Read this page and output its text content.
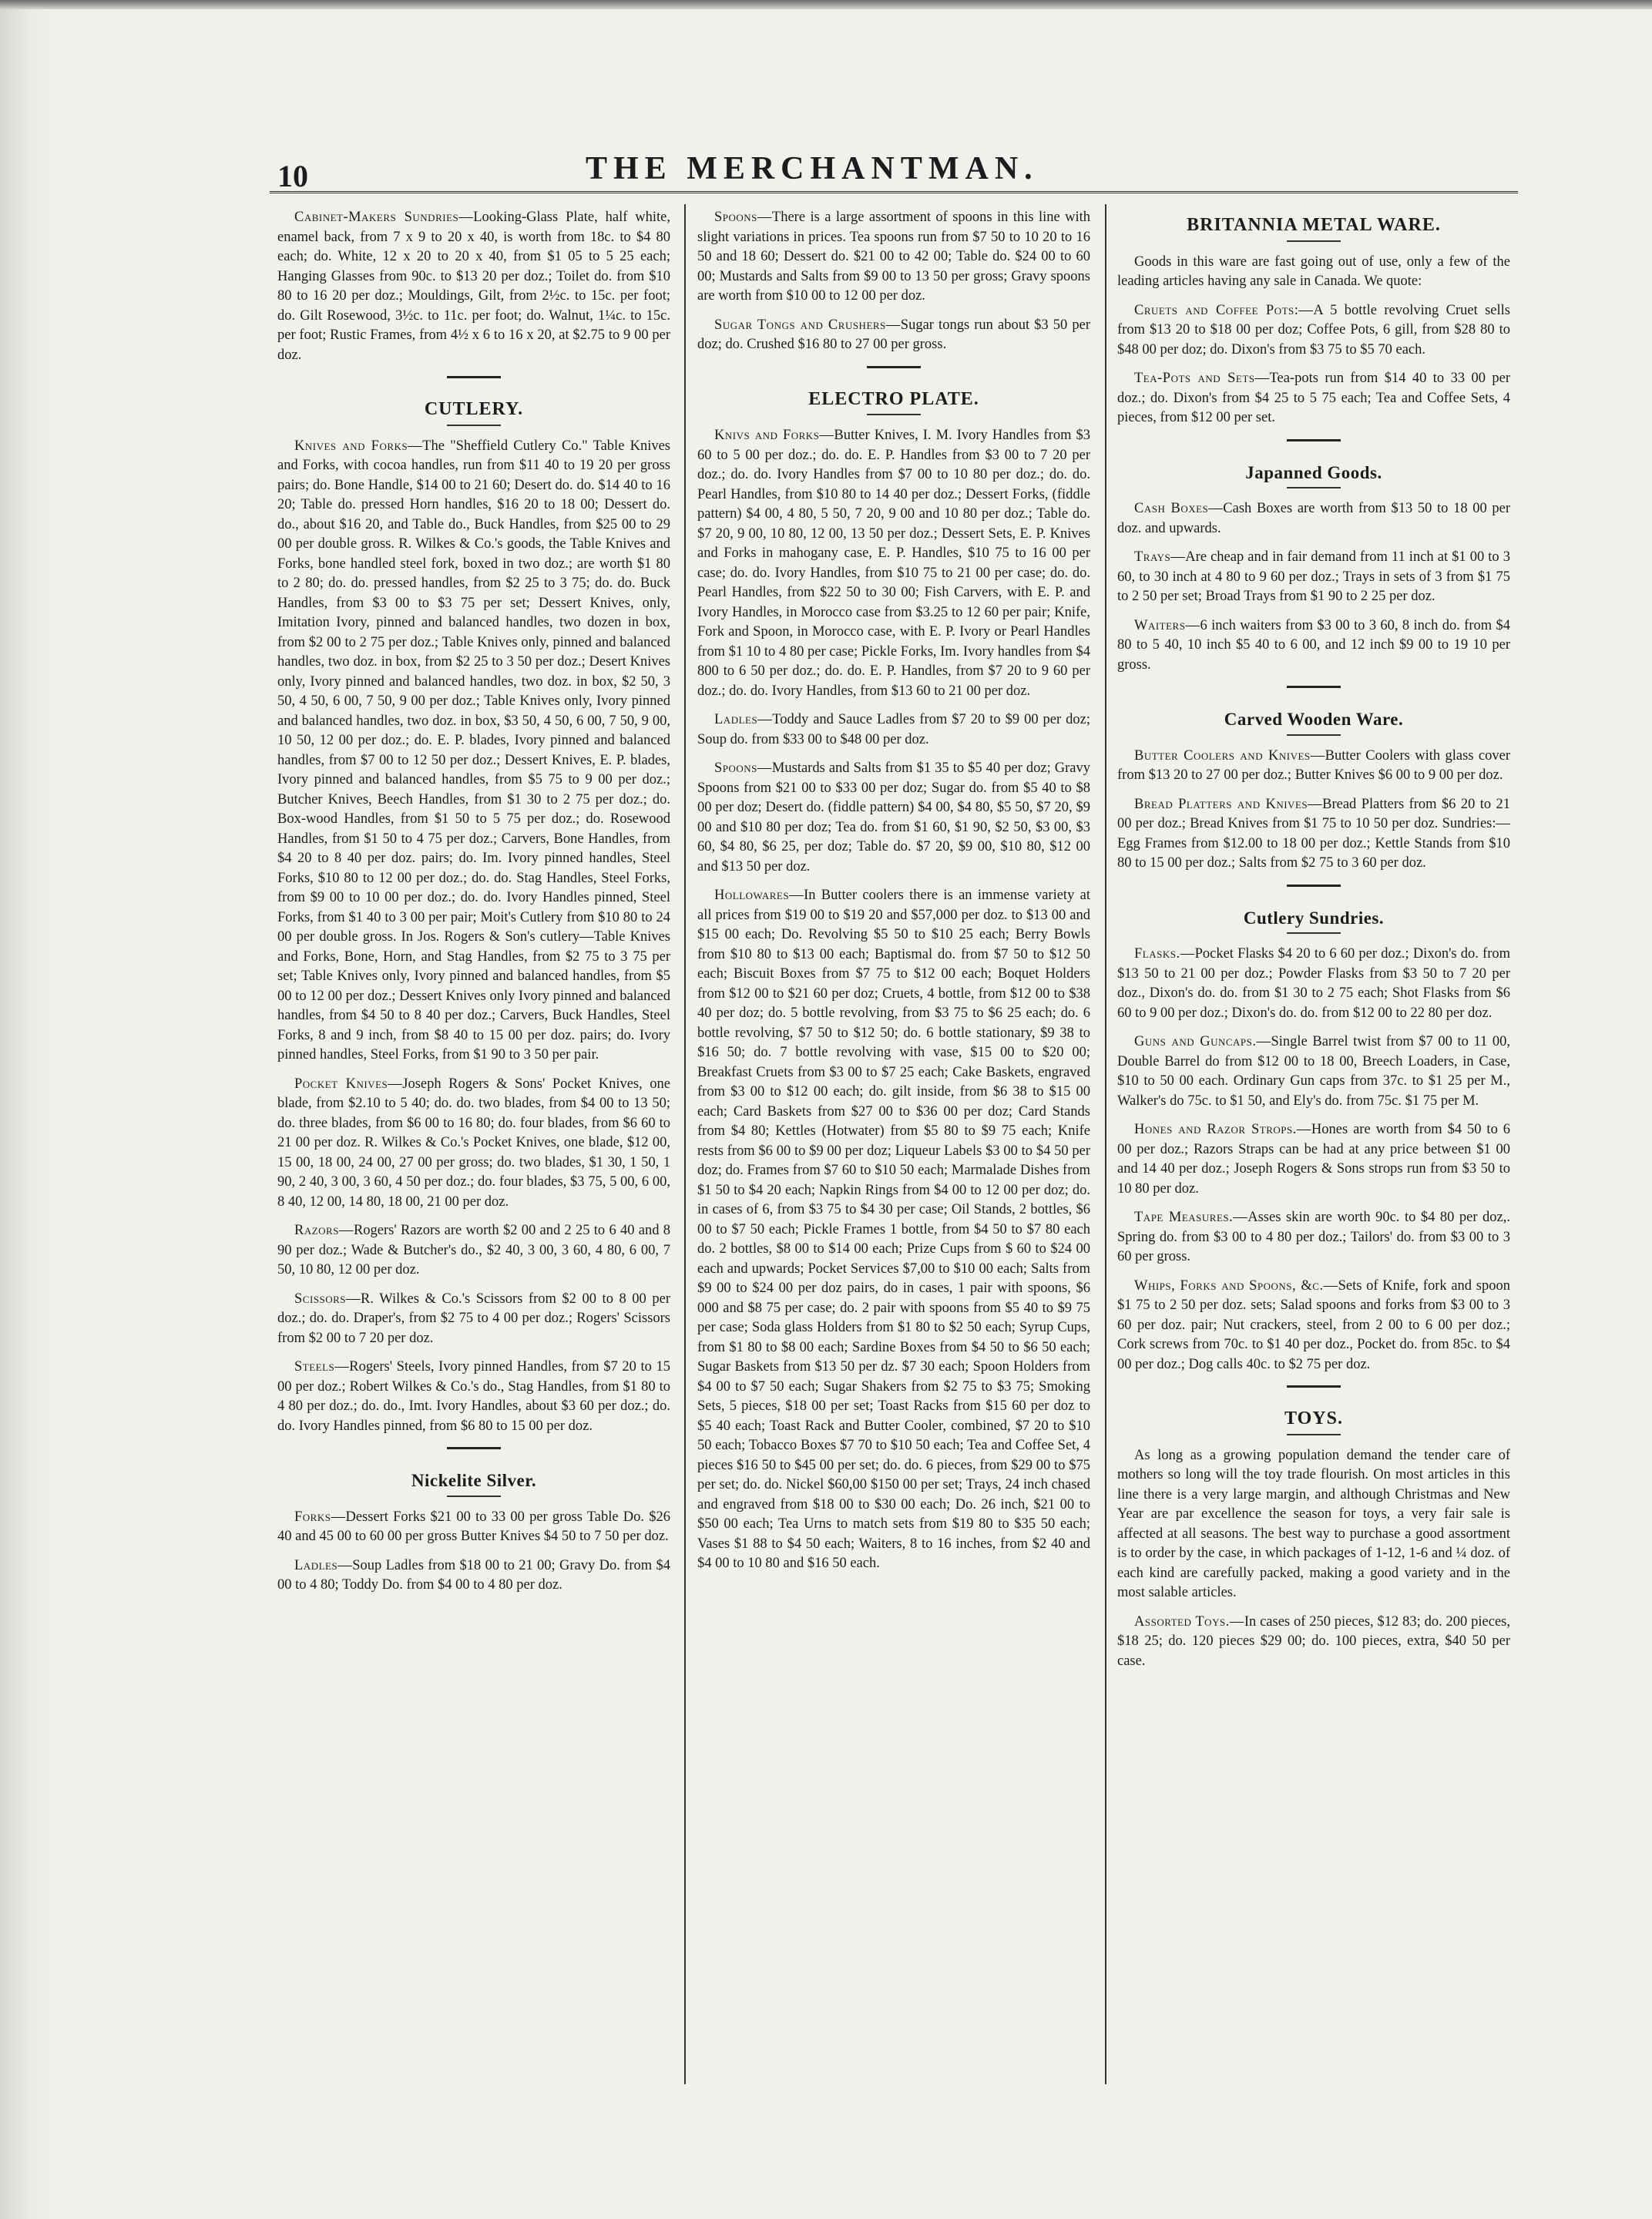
10	THE MERCHANTMAN.

Cabinet-Makers Sundries—Looking-Glass Plate, half white, enamel back, from 7 x 9 to 20 x 40, is worth from 18c. to $4 80 each; do. White, 12 x 20 to 20 x 40, from $1 05 to 5 25 each; Hanging Glasses from 90c. to $13 20 per doz.; Toilet do. from $10 80 to 16 20 per doz.; Mouldings, Gilt, from 2½c. to 15c. per foot; do. Gilt Rosewood, 3½c. to 11c. per foot; do. Walnut, 1¼c. to 15c. per foot; Rustic Frames, from 4½ x 6 to 16 x 20, at $2.75 to 9 00 per doz.

CUTLERY.

Knives and Forks—The "Sheffield Cutlery Co." Table Knives and Forks, with cocoa handles, run from $11 40 to 19 20 per gross pairs; do. Bone Handle, $14 00 to 21 60; Desert do. do. $14 40 to 16 20; Table do. pressed Horn handles, $16 20 to 18 00; Dessert do. do., about $16 20, and Table do., Buck Handles, from $25 00 to 29 00 per double gross. R. Wilkes & Co.'s goods, the Table Knives and Forks, bone handled steel fork, boxed in two doz.; are worth $1 80 to 2 80; do. do. pressed handles, from $2 25 to 3 75; do. do. Buck Handles, from $3 00 to $3 75 per set; Dessert Knives, only, Imitation Ivory, pinned and balanced handles, two dozen in box, from $2 00 to 2 75 per doz.; Table Knives only, pinned and balanced handles, two doz. in box, from $2 25 to 3 50 per doz.; Desert Knives only, Ivory pinned and balanced handles, two doz. in box, $2 50, 3 50, 4 50, 6 00, 7 50, 9 00 per doz.; Table Knives only, Ivory pinned and balanced handles, two doz. in box, $3 50, 4 50, 6 00, 7 50, 9 00, 10 50, 12 00 per doz.; do. E. P. blades, Ivory pinned and balanced handles, from $7 00 to 12 50 per doz.; Dessert Knives, E. P. blades, Ivory pinned and balanced handles, from $5 75 to 9 00 per doz.; Butcher Knives, Beech Handles, from $1 30 to 2 75 per doz.; do. Box-wood Handles, from $1 50 to 5 75 per doz.; do. Rosewood Handles, from $1 50 to 4 75 per doz.; Carvers, Bone Handles, from $4 20 to 8 40 per doz. pairs; do. Im. Ivory pinned handles, Steel Forks, $10 80 to 12 00 per doz.; do. do. Stag Handles, Steel Forks, from $9 00 to 10 00 per doz.; do. do. Ivory Handles pinned, Steel Forks, from $1 40 to 3 00 per pair; Moit's Cutlery from $10 80 to 24 00 per double gross. In Jos. Rogers & Son's cutlery—Table Knives and Forks, Bone, Horn, and Stag Handles, from $2 75 to 3 75 per set; Table Knives only, Ivory pinned and balanced handles, from $5 00 to 12 00 per doz.; Dessert Knives only Ivory pinned and balanced handles, from $4 50 to 8 40 per doz.; Carvers, Buck Handles, Steel Forks, 8 and 9 inch, from $8 40 to 15 00 per doz. pairs; do. Ivory pinned handles, Steel Forks, from $1 90 to 3 50 per pair.

Pocket Knives—Joseph Rogers & Sons' Pocket Knives, one blade, from $2.10 to 5 40; do. do. two blades, from $4 00 to 13 50; do. three blades, from $6 00 to 16 80; do. four blades, from $6 60 to 21 00 per doz. R. Wilkes & Co.'s Pocket Knives, one blade, $12 00, 15 00, 18 00, 24 00, 27 00 per gross; do. two blades, $1 30, 1 50, 1 90, 2 40, 3 00, 3 60, 4 50 per doz.; do. four blades, $3 75, 5 00, 6 00, 8 40, 12 00, 14 80, 18 00, 21 00 per doz.

Razors—Rogers' Razors are worth $2 00 and 2 25 to 6 40 and 8 90 per doz.; Wade & Butcher's do., $2 40, 3 00, 3 60, 4 80, 6 00, 7 50, 10 80, 12 00 per doz.

Scissors—R. Wilkes & Co.'s Scissors from $2 00 to 8 00 per doz.; do. do. Draper's, from $2 75 to 4 00 per doz.; Rogers' Scissors from $2 00 to 7 20 per doz.

Steels—Rogers' Steels, Ivory pinned Handles, from $7 20 to 15 00 per doz.; Robert Wilkes & Co.'s do., Stag Handles, from $1 80 to 4 80 per doz.; do. do., Imt. Ivory Handles, about $3 60 per doz.; do. do. Ivory Handles pinned, from $6 80 to 15 00 per doz.

Nickelite Silver.

Forks—Dessert Forks $21 00 to 33 00 per gross Table Do. $26 40 and 45 00 to 60 00 per gross Butter Knives $4 50 to 7 50 per doz.

Ladles—Soup Ladles from $18 00 to 21 00; Gravy Do. from $4 00 to 4 80; Toddy Do. from $4 00 to 4 80 per doz.

Spoons—There is a large assortment of spoons in this line with slight variations in prices. Tea spoons run from $7 50 to 10 20 to 16 50 and 18 60; Dessert do. $21 00 to 42 00; Table do. $24 00 to 60 00; Mustards and Salts from $9 00 to 13 50 per gross; Gravy spoons are worth from $10 00 to 12 00 per doz.

Sugar Tongs and Crushers—Sugar tongs run about $3 50 per doz; do. Crushed $16 80 to 27 00 per gross.

ELECTRO PLATE.

Knivs and Forks—Butter Knives, I. M. Ivory Handles from $3 60 to 5 00 per doz.; do. do. E. P. Handles from $3 00 to 7 20 per doz.; do. do. Ivory Handles from $7 00 to 10 80 per doz.; do. do. Pearl Handles, from $10 80 to 14 40 per doz.; Dessert Forks, (fiddle pattern) $4 00, 4 80, 5 50, 7 20, 9 00 and 10 80 per doz.; Table do. $7 20, 9 00, 10 80, 12 00, 13 50 per doz.; Dessert Sets, E. P. Knives and Forks in mahogany case, E. P. Handles, $10 75 to 16 00 per case; do. do. Ivory Handles, from $10 75 to 21 00 per case; do. do. Pearl Handles, from $22 50 to 30 00; Fish Carvers, with E. P. and Ivory Handles, in Morocco case from $3.25 to 12 60 per pair; Knife, Fork and Spoon, in Morocco case, with E. P. Ivory or Pearl Handles from $1 10 to 4 80 per case; Pickle Forks, Im. Ivory handles from $4 800 to 6 50 per doz.; do. do. E. P. Handles, from $7 20 to 9 60 per doz.; do. do. Ivory Handles, from $13 60 to 21 00 per doz.

Ladles—Toddy and Sauce Ladles from $7 20 to $9 00 per doz; Soup do. from $33 00 to $48 00 per doz.

Spoons—Mustards and Salts from $1 35 to $5 40 per doz; Gravy Spoons from $21 00 to $33 00 per doz; Sugar do. from $5 40 to $8 00 per doz; Desert do. (fiddle pattern) $4 00, $4 80, $5 50, $7 20, $9 00 and $10 80 per doz; Tea do. from $1 60, $1 90, $2 50, $3 00, $3 60, $4 80, $6 25, per doz; Table do. $7 20, $9 00, $10 80, $12 00 and $13 50 per doz.

Hollowares—In Butter coolers there is an immense variety at all prices from $19 00 to $19 20 and $57,000 per doz. to $13 00 and $15 00 each; Do. Revolving $5 50 to $10 25 each; Berry Bowls from $10 80 to $13 00 each; Baptismal do. from $7 50 to $12 50 each; Biscuit Boxes from $7 75 to $12 00 each; Boquet Holders from $12 00 to $21 60 per doz; Cruets, 4 bottle, from $12 00 to $38 40 per doz; do. 5 bottle revolving, from $3 75 to $6 25 each; do. 6 bottle revolving, $7 50 to $12 50; do. 6 bottle stationary, $9 38 to $16 50; do. 7 bottle revolving with vase, $15 00 to $20 00; Breakfast Cruets from $3 00 to $7 25 each; Cake Baskets, engraved from $3 00 to $12 00 each; do. gilt inside, from $6 38 to $15 00 each; Card Baskets from $27 00 to $36 00 per doz; Card Stands from $4 80; Kettles (Hotwater) from $5 80 to $9 75 each; Knife rests from $6 00 to $9 00 per doz; Liqueur Labels $3 00 to $4 50 per doz; do. Frames from $7 60 to $10 50 each; Marmalade Dishes from $1 50 to $4 20 each; Napkin Rings from $4 00 to 12 00 per doz; do. in cases of 6, from $3 75 to $4 30 per case; Oil Stands, 2 bottles, $6 00 to $7 50 each; Pickle Frames 1 bottle, from $4 50 to $7 80 each do. 2 bottles, $8 00 to $14 00 each; Prize Cups from $ 60 to $24 00 each and upwards; Pocket Services $7,00 to $10 00 each; Salts from $9 00 to $24 00 per doz pairs, do in cases, 1 pair with spoons, $6 000 and $8 75 per case; do. 2 pair with spoons from $5 40 to $9 75 per case; Soda glass Holders from $1 80 to $2 50 each; Syrup Cups, from $1 80 to $8 00 each; Sardine Boxes from $4 50 to $6 50 each; Sugar Baskets from $13 50 per dz. $7 30 each; Spoon Holders from $4 00 to $7 50 each; Sugar Shakers from $2 75 to $3 75; Smoking Sets, 5 pieces, $18 00 per set; Toast Racks from $15 60 per doz to $5 40 each; Toast Rack and Butter Cooler, combined, $7 20 to $10 50 each; Tobacco Boxes $7 70 to $10 50 each; Tea and Coffee Set, 4 pieces $16 50 to $45 00 per set; do. do. 6 pieces, from $29 00 to $75 per set; do. do. Nickel $60,00 $150 00 per set; Trays, 24 inch chased and engraved from $18 00 to $30 00 each; Do. 26 inch, $21 00 to $50 00 each; Tea Urns to match sets from $19 80 to $35 50 each; Vases $1 88 to $4 50 each; Waiters, 8 to 16 inches, from $2 40 and $4 00 to 10 80 and $16 50 each.

BRITANNIA METAL WARE.

Goods in this ware are fast going out of use, only a few of the leading articles having any sale in Canada. We quote:

Cruets and Coffee Pots:—A 5 bottle revolving Cruet sells from $13 20 to $18 00 per doz; Coffee Pots, 6 gill, from $28 80 to $48 00 per doz; do. Dixon's from $3 75 to $5 70 each.

Tea-Pots and Sets—Tea-pots run from $14 40 to 33 00 per doz.; do. Dixon's from $4 25 to 5 75 each; Tea and Coffee Sets, 4 pieces, from $12 00 per set.

Japanned Goods.

Cash Boxes—Cash Boxes are worth from $13 50 to 18 00 per doz. and upwards.

Trays—Are cheap and in fair demand from 11 inch at $1 00 to 3 60, to 30 inch at 4 80 to 9 60 per doz.; Trays in sets of 3 from $1 75 to 2 50 per set; Broad Trays from $1 90 to 2 25 per doz.

Waiters—6 inch waiters from $3 00 to 3 60, 8 inch do. from $4 80 to 5 40, 10 inch $5 40 to 6 00, and 12 inch $9 00 to 19 10 per gross.

Carved Wooden Ware.

Butter Coolers and Knives—Butter Coolers with glass cover from $13 20 to 27 00 per doz.; Butter Knives $6 00 to 9 00 per doz.

Bread Platters and Knives—Bread Platters from $6 20 to 21 00 per doz.; Bread Knives from $1 75 to 10 50 per doz. Sundries:—Egg Frames from $12.00 to 18 00 per doz.; Kettle Stands from $10 80 to 15 00 per doz.; Salts from $2 75 to 3 60 per doz.

Cutlery Sundries.

Flasks.—Pocket Flasks $4 20 to 6 60 per doz.; Dixon's do. from $13 50 to 21 00 per doz.; Powder Flasks from $3 50 to 7 20 per doz., Dixon's do. do. from $1 30 to 2 75 each; Shot Flasks from $6 60 to 9 00 per doz.; Dixon's do. do. from $12 00 to 22 80 per doz.

Guns and Guncaps.—Single Barrel twist from $7 00 to 11 00, Double Barrel do from $12 00 to 18 00, Breech Loaders, in Case, $10 to 50 00 each. Ordinary Gun caps from 37c. to $1 25 per M., Walker's do 75c. to $1 50, and Ely's do. from 75c. $1 75 per M.

Hones and Razor Strops.—Hones are worth from $4 50 to 6 00 per doz.; Razors Straps can be had at any price between $1 00 and 14 40 per doz.; Joseph Rogers & Sons strops run from $3 50 to 10 80 per doz.

Tape Measures.—Asses skin are worth 90c. to $4 80 per doz,. Spring do. from $3 00 to 4 80 per doz.; Tailors' do. from $3 00 to 3 60 per gross.

Whips, Forks and Spoons, &c.—Sets of Knife, fork and spoon $1 75 to 2 50 per doz. sets; Salad spoons and forks from $3 00 to 3 60 per doz. pair; Nut crackers, steel, from 2 00 to 6 00 per doz.; Cork screws from 70c. to $1 40 per doz., Pocket do. from 85c. to $4 00 per doz.; Dog calls 40c. to $2 75 per doz.

TOYS.

As long as a growing population demand the tender care of mothers so long will the toy trade flourish. On most articles in this line there is a very large margin, and although Christmas and New Year are par excellence the season for toys, a very fair sale is affected at all seasons. The best way to purchase a good assortment is to order by the case, in which packages of 1-12, 1-6 and ¼ doz. of each kind are carefully packed, making a good variety and in the most salable articles.

Assorted Toys.—In cases of 250 pieces, $12 83; do. 200 pieces, $18 25; do. 120 pieces $29 00; do. 100 pieces, extra, $40 50 per case.
